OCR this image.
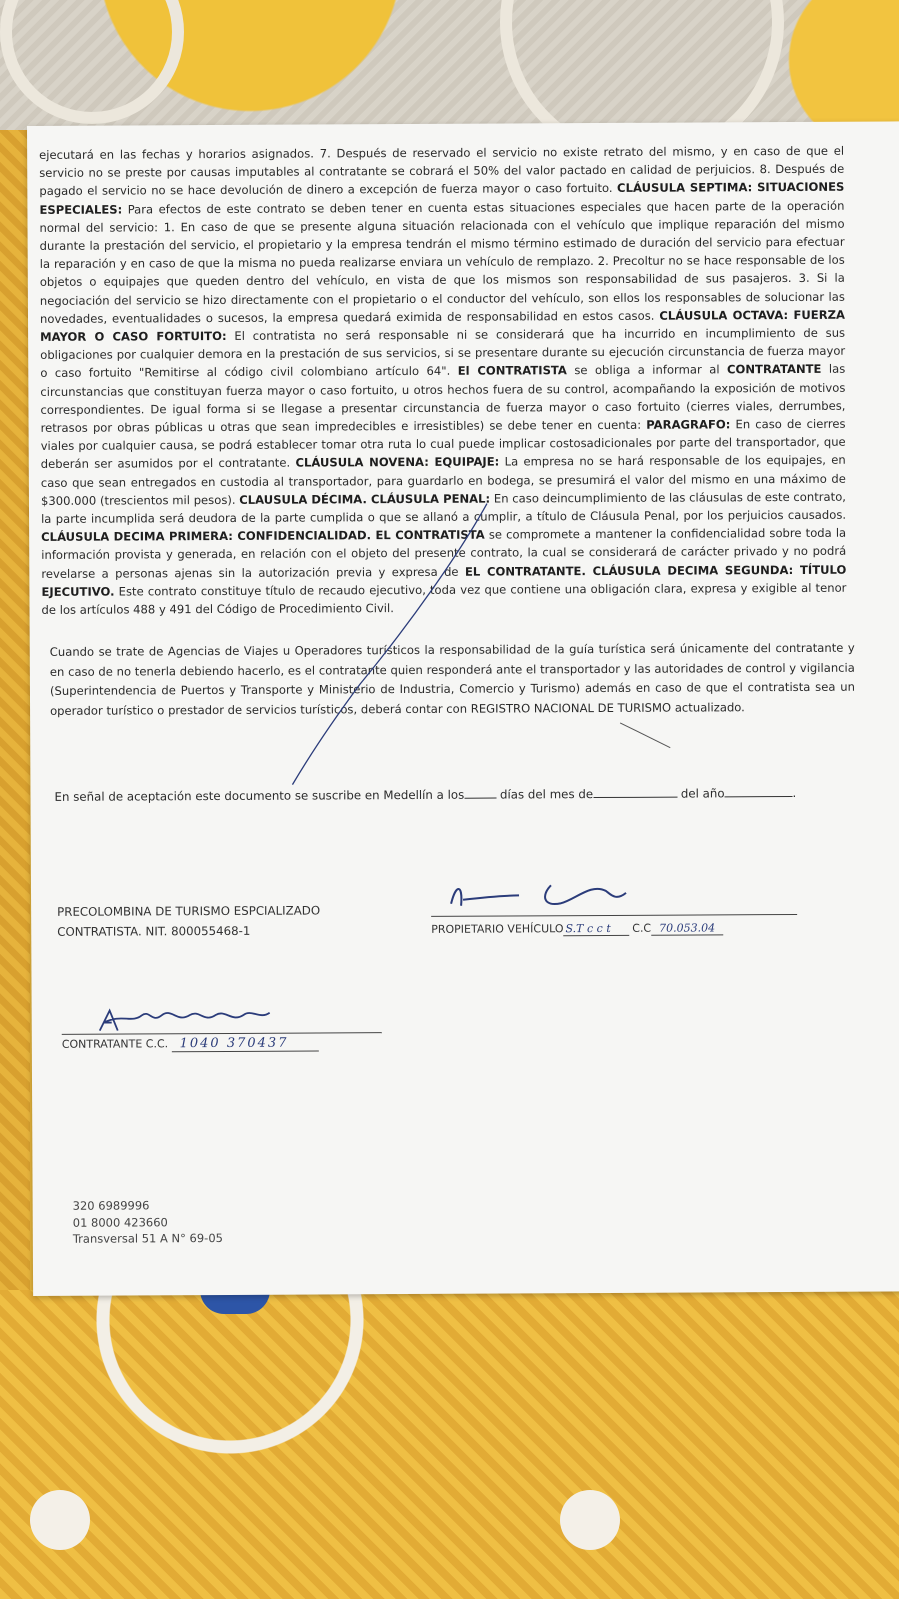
ejecutará en las fechas y horarios asignados. 7. Después de reservado el servicio no existe retrato del mismo, y en caso de que el servicio no se preste por causas imputables al contratante se cobrará el 50% del valor pactado en calidad de perjuicios. 8. Después de pagado el servicio no se hace devolución de dinero a excepción de fuerza mayor o caso fortuito. CLÁUSULA SEPTIMA: SITUACIONES ESPECIALES: Para efectos de este contrato se deben tener en cuenta estas situaciones especiales que hacen parte de la operación normal del servicio: 1. En caso de que se presente alguna situación relacionada con el vehículo que implique reparación del mismo durante la prestación del servicio, el propietario y la empresa tendrán el mismo término estimado de duración del servicio para efectuar la reparación y en caso de que la misma no pueda realizarse enviara un vehículo de remplazo. 2. Precoltur no se hace responsable de los objetos o equipajes que queden dentro del vehículo, en vista de que los mismos son responsabilidad de sus pasajeros. 3. Si la negociación del servicio se hizo directamente con el propietario o el conductor del vehículo, son ellos los responsables de solucionar las novedades, eventualidades o sucesos, la empresa quedará eximida de responsabilidad en estos casos. CLÁUSULA OCTAVA: FUERZA MAYOR O CASO FORTUITO: El contratista no será responsable ni se considerará que ha incurrido en incumplimiento de sus obligaciones por cualquier demora en la prestación de sus servicios, si se presentare durante su ejecución circunstancia de fuerza mayor o caso fortuito "Remitirse al código civil colombiano artículo 64". El CONTRATISTA se obliga a informar al CONTRATANTE las circunstancias que constituyan fuerza mayor o caso fortuito, u otros hechos fuera de su control, acompañando la exposición de motivos correspondientes. De igual forma si se llegase a presentar circunstancia de fuerza mayor o caso fortuito (cierres viales, derrumbes, retrasos por obras públicas u otras que sean impredecibles e irresistibles) se debe tener en cuenta: PARAGRAFO: En caso de cierres viales por cualquier causa, se podrá establecer tomar otra ruta lo cual puede implicar costosadicionales por parte del transportador, que deberán ser asumidos por el contratante. CLÁUSULA NOVENA: EQUIPAJE: La empresa no se hará responsable de los equipajes, en caso que sean entregados en custodia al transportador, para guardarlo en bodega, se presumirá el valor del mismo en una máximo de $300.000 (trescientos mil pesos). CLAUSULA DÉCIMA. CLÁUSULA PENAL: En caso deincumplimiento de las cláusulas de este contrato, la parte incumplida será deudora de la parte cumplida o que se allanó a cumplir, a título de Cláusula Penal, por los perjuicios causados. CLÁUSULA DECIMA PRIMERA: CONFIDENCIALIDAD. EL CONTRATISTA se compromete a mantener la confidencialidad sobre toda la información provista y generada, en relación con el objeto del presente contrato, la cual se considerará de carácter privado y no podrá revelarse a personas ajenas sin la autorización previa y expresa de EL CONTRATANTE. CLÁUSULA DECIMA SEGUNDA: TÍTULO EJECUTIVO. Este contrato constituye título de recaudo ejecutivo, toda vez que contiene una obligación clara, expresa y exigible al tenor de los artículos 488 y 491 del Código de Procedimiento Civil.

Cuando se trate de Agencias de Viajes u Operadores turísticos la responsabilidad de la guía turística será únicamente del contratante y en caso de no tenerla debiendo hacerlo, es el contratante quien responderá ante el transportador y las autoridades de control y vigilancia (Superintendencia de Puertos y Transporte y Ministerio de Industria, Comercio y Turismo) además en caso de que el contratista sea un operador turístico o prestador de servicios turísticos, deberá contar con REGISTRO NACIONAL DE TURISMO actualizado.
En señal de aceptación este documento se suscribe en Medellín a los	días del mes de	del año	.
PRECOLOMBINA DE TURISMO ESPCIALIZADO
CONTRATISTA. NIT. 800055468-1	PROPIETARIO VEHÍCULO S.T c c t C.C 70.053.04
CONTRATANTE C.C. 1040 370437
320 6989996
01 8000 423660
Transversal 51 A N° 69-05
